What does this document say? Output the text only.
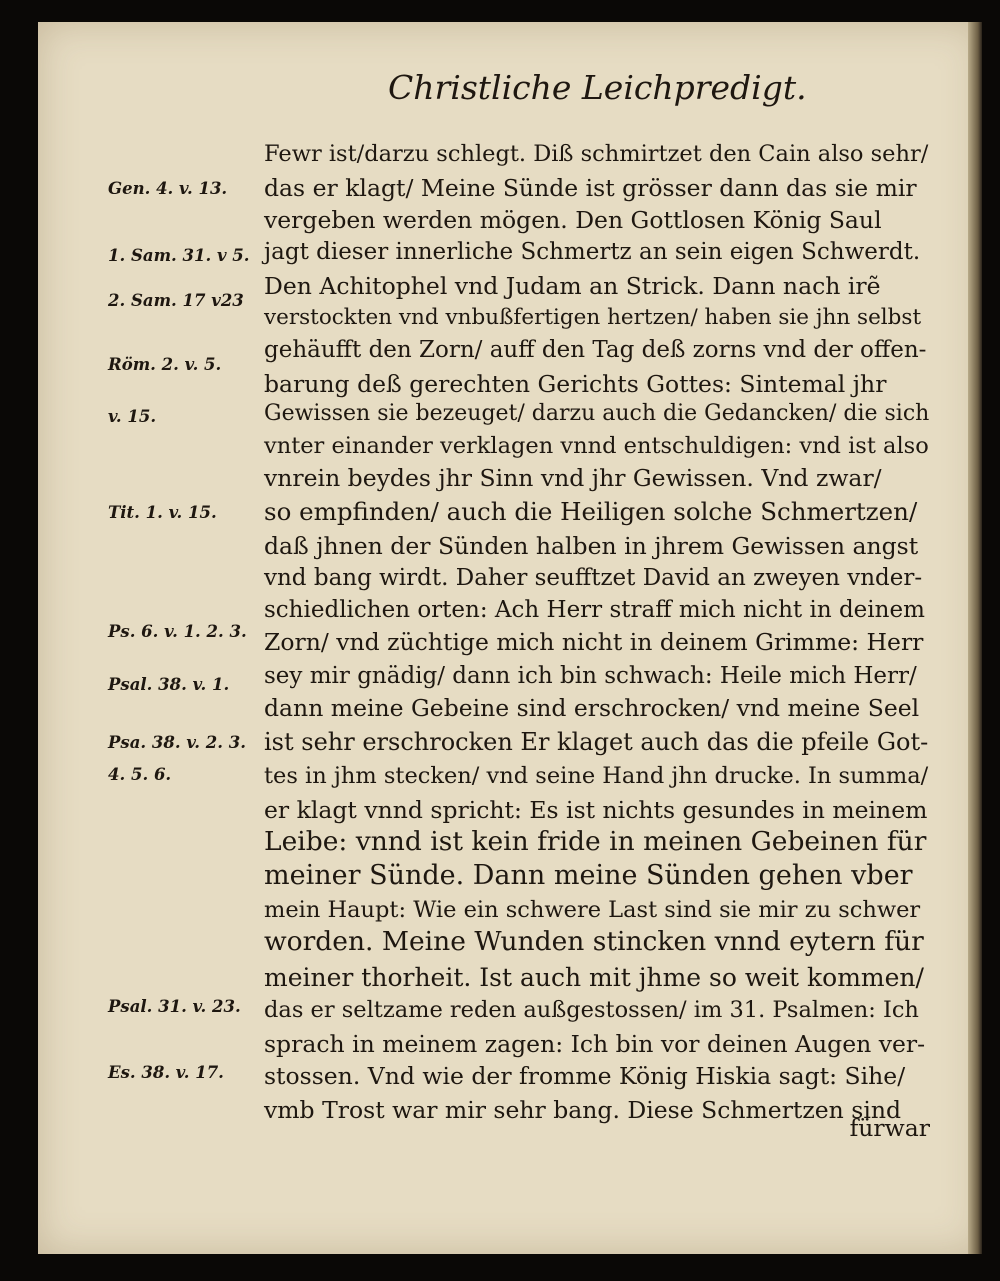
Christliche Leichpredigt.
Fewr ist/darzu schlegt. Diß schmirtzet den Cain also sehr/
das er klagt/ Meine Sünde ist grösser dann das sie mir
vergeben werden mögen. Den Gottlosen König Saul
jagt dieser innerliche Schmertz an sein eigen Schwerdt.
Den Achitophel vnd Judam an Strick. Dann nach irẽ
verstockten vnd vnbußfertigen hertzen/ haben sie jhn selbst
gehäufft den Zorn/ auff den Tag deß zorns vnd der offen-
barung deß gerechten Gerichts Gottes: Sintemal jhr
Gewissen sie bezeuget/ darzu auch die Gedancken/ die sich
vnter einander verklagen vnnd entschuldigen: vnd ist also
vnrein beydes jhr Sinn vnd jhr Gewissen. Vnd zwar/
so empfinden/ auch die Heiligen solche Schmertzen/
daß jhnen der Sünden halben in jhrem Gewissen angst
vnd bang wirdt. Daher seufftzet David an zweyen vnder-
schiedlichen orten: Ach Herr straff mich nicht in deinem
Zorn/ vnd züchtige mich nicht in deinem Grimme: Herr
sey mir gnädig/ dann ich bin schwach: Heile mich Herr/
dann meine Gebeine sind erschrocken/ vnd meine Seel
ist sehr erschrocken Er klaget auch das die pfeile Got-
tes in jhm stecken/ vnd seine Hand jhn drucke. In summa/
er klagt vnnd spricht: Es ist nichts gesundes in meinem
Leibe: vnnd ist kein fride in meinen Gebeinen für
meiner Sünde. Dann meine Sünden gehen vber
mein Haupt: Wie ein schwere Last sind sie mir zu schwer
worden. Meine Wunden stincken vnnd eytern für
meiner thorheit. Ist auch mit jhme so weit kommen/
das er seltzame reden außgestossen/ im 31. Psalmen: Ich
sprach in meinem zagen: Ich bin vor deinen Augen ver-
stossen. Vnd wie der fromme König Hiskia sagt: Sihe/
vmb Trost war mir sehr bang. Diese Schmertzen sind
Gen. 4. v. 13.
1. Sam. 31. v 5.
2. Sam. 17 v23
Röm. 2. v. 5.
v. 15.
Tit. 1. v. 15.
Ps. 6. v. 1. 2. 3.
Psal. 38. v. 1.
Psa. 38. v. 2. 3.
4. 5. 6.
Psal. 31. v. 23.
Es. 38. v. 17.
fürwar
